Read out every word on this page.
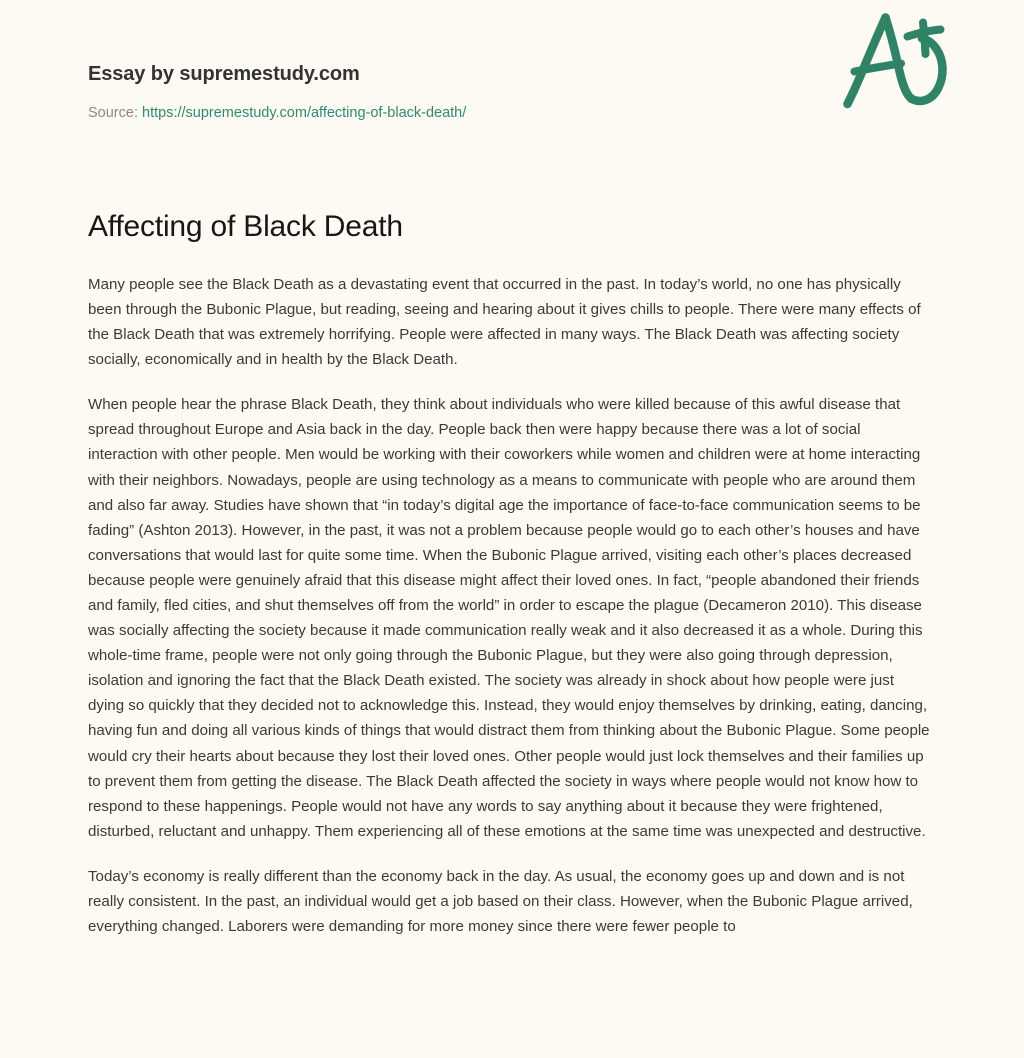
Essay by supremestudy.com
Source: https://supremestudy.com/affecting-of-black-death/
Affecting of Black Death

Many people see the Black Death as a devastating event that occurred in the past. In today’s world, no one has physically been through the Bubonic Plague, but reading, seeing and hearing about it gives chills to people. There were many effects of the Black Death that was extremely horrifying. People were affected in many ways. The Black Death was affecting society socially, economically and in health by the Black Death.

When people hear the phrase Black Death, they think about individuals who were killed because of this awful disease that spread throughout Europe and Asia back in the day. People back then were happy because there was a lot of social interaction with other people. Men would be working with their coworkers while women and children were at home interacting with their neighbors. Nowadays, people are using technology as a means to communicate with people who are around them and also far away. Studies have shown that “in today’s digital age the importance of face-to-face communication seems to be fading” (Ashton 2013). However, in the past, it was not a problem because people would go to each other’s houses and have conversations that would last for quite some time. When the Bubonic Plague arrived, visiting each other’s places decreased because people were genuinely afraid that this disease might affect their loved ones. In fact, “people abandoned their friends and family, fled cities, and shut themselves off from the world” in order to escape the plague (Decameron 2010). This disease was socially affecting the society because it made communication really weak and it also decreased it as a whole. During this whole-time frame, people were not only going through the Bubonic Plague, but they were also going through depression, isolation and ignoring the fact that the Black Death existed. The society was already in shock about how people were just dying so quickly that they decided not to acknowledge this. Instead, they would enjoy themselves by drinking, eating, dancing, having fun and doing all various kinds of things that would distract them from thinking about the Bubonic Plague. Some people would cry their hearts about because they lost their loved ones. Other people would just lock themselves and their families up to prevent them from getting the disease. The Black Death affected the society in ways where people would not know how to respond to these happenings. People would not have any words to say anything about it because they were frightened, disturbed, reluctant and unhappy. Them experiencing all of these emotions at the same time was unexpected and destructive.

Today’s economy is really different than the economy back in the day. As usual, the economy goes up and down and is not really consistent. In the past, an individual would get a job based on their class. However, when the Bubonic Plague arrived, everything changed. Laborers were demanding for more money since there were fewer people to
